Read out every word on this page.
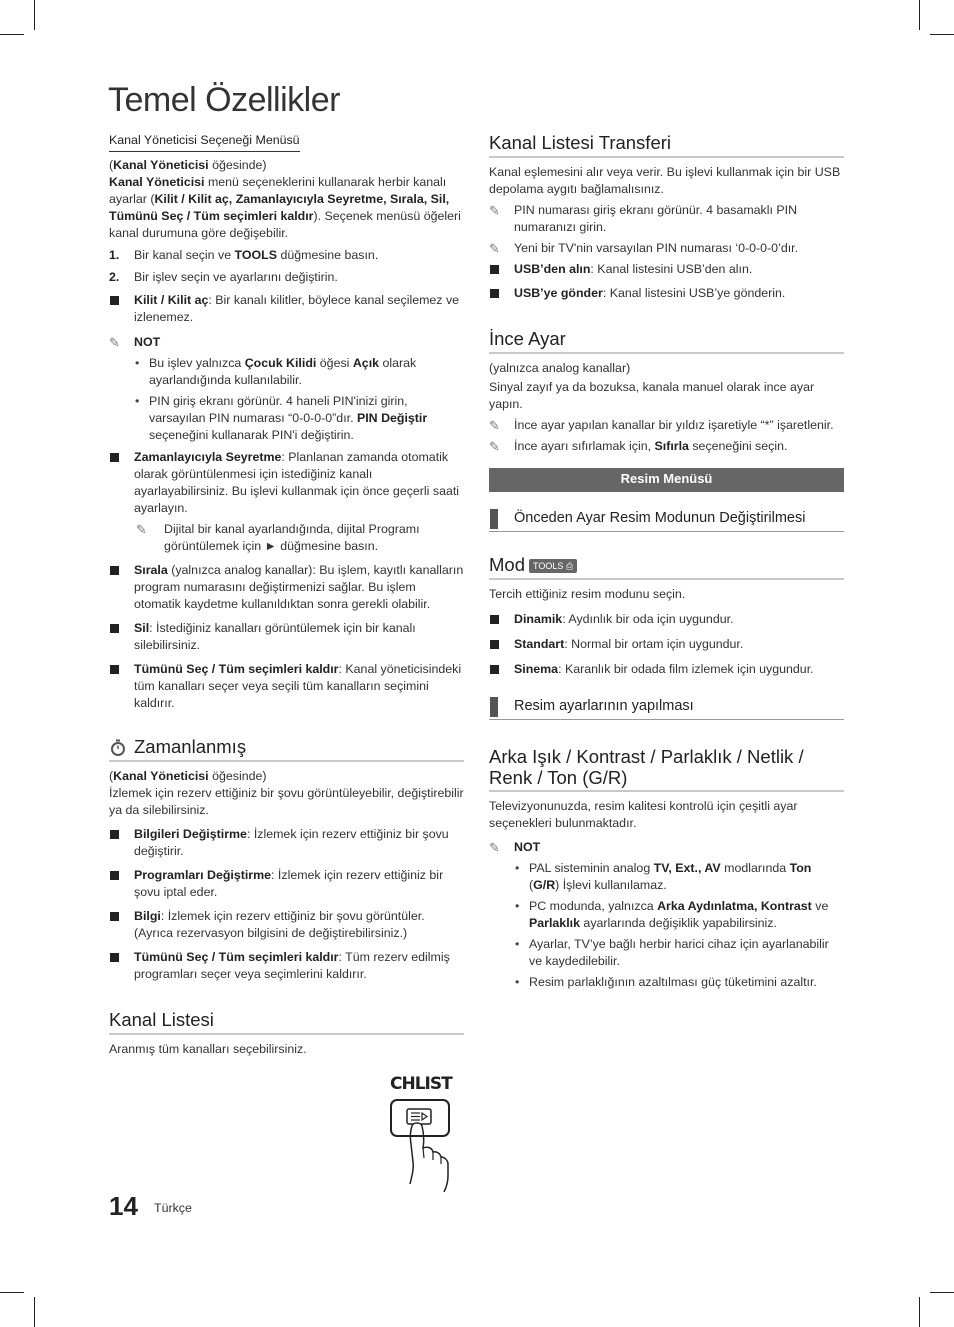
Temel Özellikler
Kanal Yöneticisi Seçeneği Menüsü

(Kanal Yöneticisi öğesinde)

Kanal Yöneticisi menü seçeneklerini kullanarak herbir kanalı ayarlar (Kilit / Kilit aç, Zamanlayıcıyla Seyretme, Sırala, Sil, Tümünü Seç / Tüm seçimleri kaldır). Seçenek menüsü öğeleri kanal durumuna göre değişebilir.

1. Bir kanal seçin ve TOOLS düğmesine basın.
2. Bir işlev seçin ve ayarlarını değiştirin.
Kilit / Kilit aç: Bir kanalı kilitler, böylece kanal seçilemez ve izlenemez.
✎ NOT
• Bu işlev yalnızca Çocuk Kilidi öğesi Açık olarak ayarlandığında kullanılabilir.
• PIN giriş ekranı görünür. 4 haneli PIN'inizi girin, varsayılan PIN numarası “0-0-0-0”dır. PIN Değiştir seçeneğini kullanarak PIN'i değiştirin.
Zamanlayıcıyla Seyretme: Planlanan zamanda otomatik olarak görüntülenmesi için istediğiniz kanalı ayarlayabilirsiniz. Bu işlevi kullanmak için önce geçerli saati ayarlayın.
✎ Dijital bir kanal ayarlandığında, dijital Programı görüntülemek için ► düğmesine basın.
Sırala (yalnızca analog kanallar): Bu işlem, kayıtlı kanalların program numarasını değiştirmenizi sağlar. Bu işlem otomatik kaydetme kullanıldıktan sonra gerekli olabilir.
Sil: İstediğiniz kanalları görüntülemek için bir kanalı silebilirsiniz.
Tümünü Seç / Tüm seçimleri kaldır: Kanal yöneticisindeki tüm kanalları seçer veya seçili tüm kanalların seçimini kaldırır.
Zamanlanmış

(Kanal Yöneticisi öğesinde)

İzlemek için rezerv ettiğiniz bir şovu görüntüleyebilir, değiştirebilir ya da silebilirsiniz.

Bilgileri Değiştirme: İzlemek için rezerv ettiğiniz bir şovu değiştirir.
Programları Değiştirme: İzlemek için rezerv ettiğiniz bir şovu iptal eder.
Bilgi: İzlemek için rezerv ettiğiniz bir şovu görüntüler. (Ayrıca rezervasyon bilgisini de değiştirebilirsiniz.)
Tümünü Seç / Tüm seçimleri kaldır: Tüm rezerv edilmiş programları seçer veya seçimlerini kaldırır.
Kanal Listesi

Aranmış tüm kanalları seçebilirsiniz.

CHLIST
Kanal Listesi Transferi

Kanal eşlemesini alır veya verir. Bu işlevi kullanmak için bir USB depolama aygıtı bağlamalısınız.

✎ PIN numarası giriş ekranı görünür. 4 basamaklı PIN numaranızı girin.
✎ Yeni bir TV'nin varsayılan PIN numarası ‘0-0-0-0’dır.
USB’den alın: Kanal listesini USB’den alın.
USB’ye gönder: Kanal listesini USB’ye gönderin.
İnce Ayar

(yalnızca analog kanallar)

Sinyal zayıf ya da bozuksa, kanala manuel olarak ince ayar yapın.

✎ İnce ayar yapılan kanallar bir yıldız işaretiyle “*” işaretlenir.
✎ İnce ayarı sıfırlamak için, Sıfırla seçeneğini seçin.
Resim Menüsü
Önceden Ayar Resim Modunun Değiştirilmesi
Mod TOOLS ⎙

Tercih ettiğiniz resim modunu seçin.

Dinamik: Aydınlık bir oda için uygundur.
Standart: Normal bir ortam için uygundur.
Sinema: Karanlık bir odada film izlemek için uygundur.
Resim ayarlarının yapılması
Arka Işık / Kontrast / Parlaklık / Netlik / Renk / Ton (G/R)

Televizyonunuzda, resim kalitesi kontrolü için çeşitli ayar seçenekleri bulunmaktadır.

✎ NOT
• PAL sisteminin analog TV, Ext., AV modlarında Ton (G/R) İşlevi kullanılamaz.
• PC modunda, yalnızca Arka Aydınlatma, Kontrast ve Parlaklık ayarlarında değişiklik yapabilirsiniz.
• Ayarlar, TV’ye bağlı herbir harici cihaz için ayarlanabilir ve kaydedilebilir.
• Resim parlaklığının azaltılması güç tüketimini azaltır.
14 Türkçe
